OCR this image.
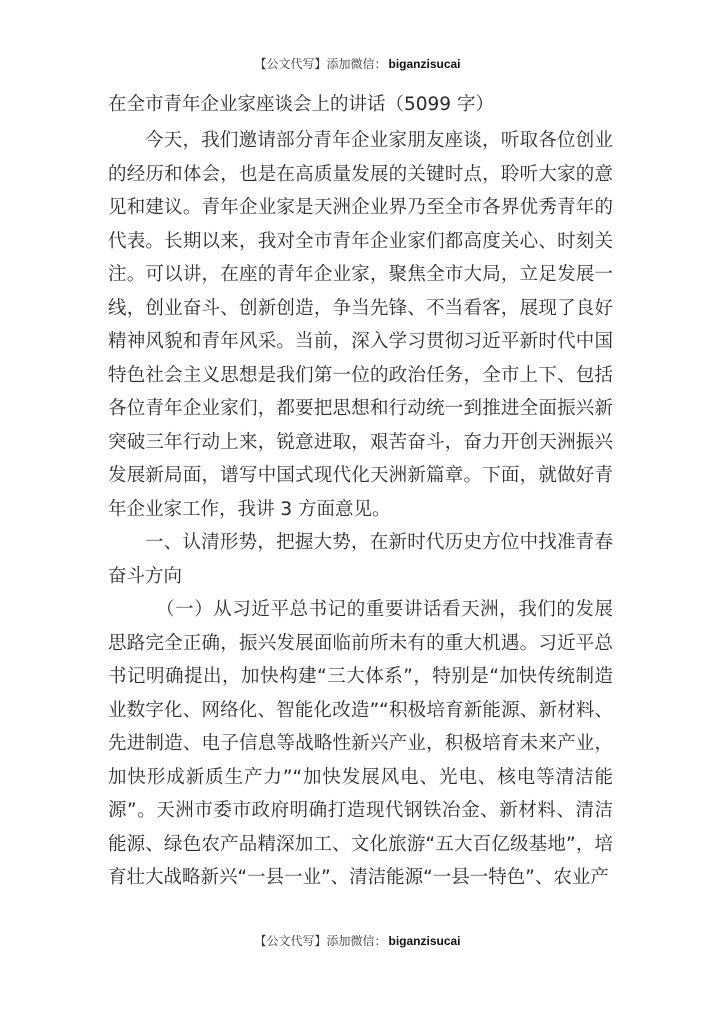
【公文代写】添加微信： biganzisucai
在全市青年企业家座谈会上的讲话（5099 字）

今天，我们邀请部分青年企业家朋友座谈，听取各位创业的经历和体会，也是在高质量发展的关键时点，聆听大家的意见和建议。青年企业家是天洲企业界乃至全市各界优秀青年的代表。长期以来，我对全市青年企业家们都高度关心、时刻关注。可以讲，在座的青年企业家，聚焦全市大局，立足发展一线，创业奋斗、创新创造，争当先锋、不当看客，展现了良好精神风貌和青年风采。当前，深入学习贯彻习近平新时代中国特色社会主义思想是我们第一位的政治任务，全市上下、包括各位青年企业家们，都要把思想和行动统一到推进全面振兴新突破三年行动上来，锐意进取，艰苦奋斗，奋力开创天洲振兴发展新局面，谱写中国式现代化天洲新篇章。下面，就做好青年企业家工作，我讲 3 方面意见。

一、认清形势，把握大势，在新时代历史方位中找准青春奋斗方向

（一）从习近平总书记的重要讲话看天洲，我们的发展思路完全正确，振兴发展面临前所未有的重大机遇。习近平总书记明确提出，加快构建“三大体系”，特别是“加快传统制造业数字化、网络化、智能化改造”“积极培育新能源、新材料、先进制造、电子信息等战略性新兴产业，积极培育未来产业，加快形成新质生产力”“加快发展风电、光电、核电等清洁能源”。天洲市委市政府明确打造现代钢铁冶金、新材料、清洁能源、绿色农产品精深加工、文化旅游“五大百亿级基地”，培育壮大战略新兴“一县一业”、清洁能源“一县一特色”、农业产

【公文代写】添加微信： biganzisucai
